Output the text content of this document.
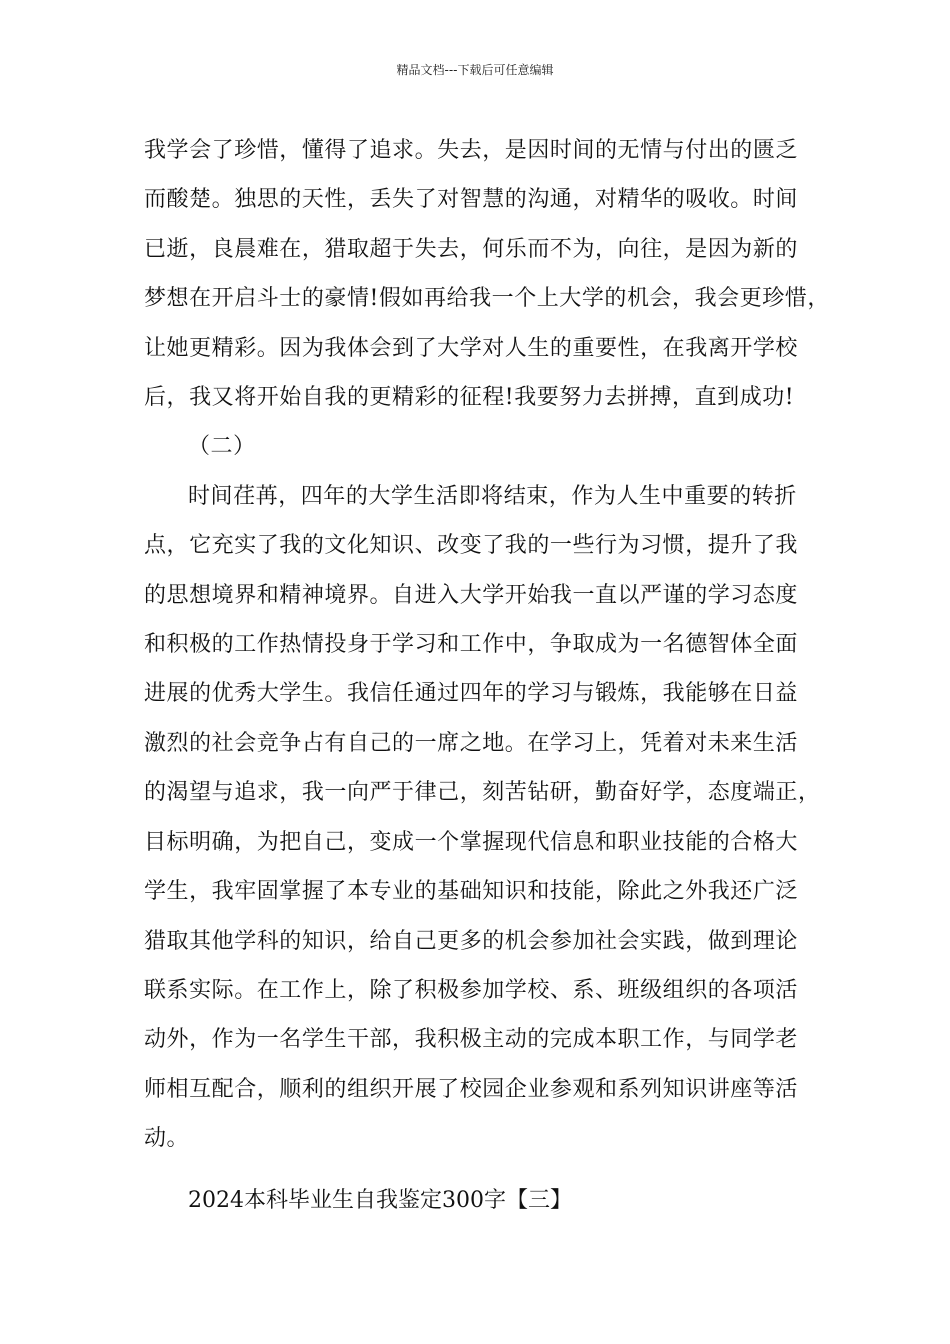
精品文档---下载后可任意编辑

我学会了珍惜，懂得了追求。失去，是因时间的无情与付出的匮乏

而酸楚。独思的天性，丢失了对智慧的沟通，对精华的吸收。时间

已逝，良晨难在，猎取超于失去，何乐而不为，向往，是因为新的

梦想在开启斗士的豪情!假如再给我一个上大学的机会，我会更珍惜，

让她更精彩。因为我体会到了大学对人生的重要性，在我离开学校

后，我又将开始自我的更精彩的征程!我要努力去拼搏，直到成功!

（二）

时间荏苒，四年的大学生活即将结束，作为人生中重要的转折

点，它充实了我的文化知识、改变了我的一些行为习惯，提升了我

的思想境界和精神境界。自进入大学开始我一直以严谨的学习态度

和积极的工作热情投身于学习和工作中，争取成为一名德智体全面

进展的优秀大学生。我信任通过四年的学习与锻炼，我能够在日益

激烈的社会竞争占有自己的一席之地。在学习上，凭着对未来生活

的渴望与追求，我一向严于律己，刻苦钻研，勤奋好学，态度端正，

目标明确，为把自己，变成一个掌握现代信息和职业技能的合格大

学生，我牢固掌握了本专业的基础知识和技能，除此之外我还广泛

猎取其他学科的知识，给自己更多的机会参加社会实践，做到理论

联系实际。在工作上，除了积极参加学校、系、班级组织的各项活

动外，作为一名学生干部，我积极主动的完成本职工作，与同学老

师相互配合，顺利的组织开展了校园企业参观和系列知识讲座等活

动。

2024本科毕业生自我鉴定300字【三】
